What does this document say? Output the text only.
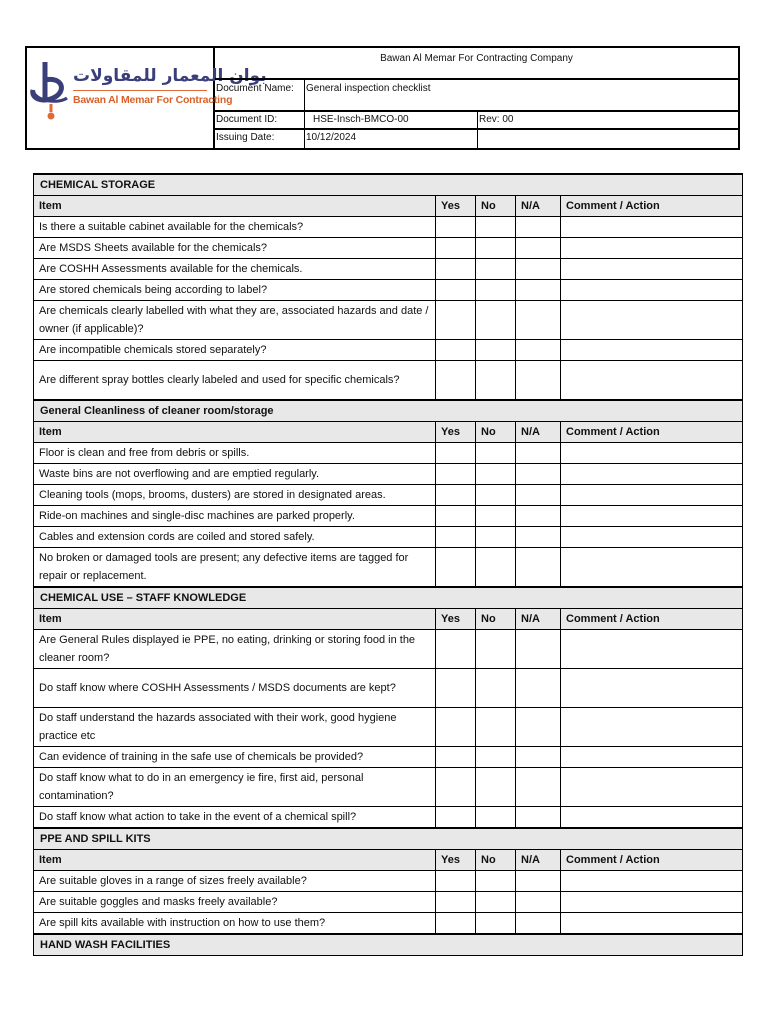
بوان المعمار للمقاولات
Bawan Al Memar For Contracting
Bawan Al Memar For Contracting Company
Document Name:	General inspection checklist
Document ID:	HSE-Insch-BMCO-00	Rev: 00
Issuing Date:	10/12/2024
CHEMICAL STORAGE				
Item	Yes	No	N/A	Comment / Action
Is there a suitable cabinet available for the chemicals?				
Are MSDS Sheets available for the chemicals?				
Are COSHH Assessments available for the chemicals.				
Are stored chemicals being according to label?				
Are chemicals clearly labelled with what they are, associated hazards and date / owner (if applicable)?				
Are incompatible chemicals stored separately?				
Are different spray bottles clearly labeled and used for specific chemicals?				
General Cleanliness of cleaner room/storage				
Item	Yes	No	N/A	Comment / Action
Floor is clean and free from debris or spills.				
Waste bins are not overflowing and are emptied regularly.				
Cleaning tools (mops, brooms, dusters) are stored in designated areas.				
Ride-on machines and single-disc machines are parked properly.				
Cables and extension cords are coiled and stored safely.				
No broken or damaged tools are present; any defective items are tagged for repair or replacement.				
CHEMICAL USE – STAFF KNOWLEDGE				
Item	Yes	No	N/A	Comment / Action
Are General Rules displayed ie PPE, no eating, drinking or storing food in the cleaner room?				
Do staff know where COSHH Assessments / MSDS documents are kept?				
Do staff understand the hazards associated with their work, good hygiene practice etc				
Can evidence of training in the safe use of chemicals be provided?				
Do staff know what to do in an emergency ie fire, first aid, personal contamination?				
Do staff know what action to take in the event of a chemical spill?				
PPE AND SPILL KITS				
Item	Yes	No	N/A	Comment / Action
Are suitable gloves in a range of sizes freely available?				
Are suitable goggles and masks freely available?				
Are spill kits available with instruction on how to use them?				
HAND WASH FACILITIES				
